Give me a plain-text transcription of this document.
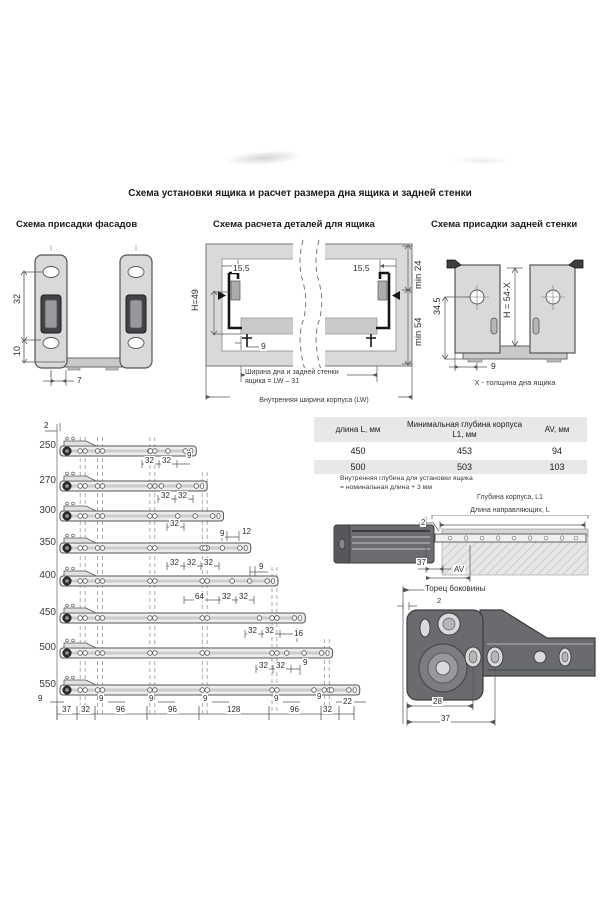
Схема установки ящика и расчет размера дна ящика и задней стенки
Схема присадки фасадов	Схема расчета деталей для ящика	Схема присадки задней стенки
32
10
7
H=49
min 24
min 54
15.5	15.5
9
Ширина дна и задней стенки
ящика = LW – 31
Внутренняя ширина корпуса (LW)
34.5	H = 54-X
9
X - толщина дна ящика
длина L, мм	Минимальная глубина корпуса L1, мм	AV, мм
450	453	94
500	503	103
Внутренняя глубина для установки ящика
= номинальная длина + 3 мм
Глубина корпуса, L1
Длина направляющих, L
2
37
AV
Торец боковины
2
28
37
250
270
300
350
400
450
500
550
2
32 32
9
32 32
32
9 12
32 32 32	9
64 32 32
32 32	16
32 32 9
9	9	9	9	9	9
37 32	96	96	128	96	32
22
